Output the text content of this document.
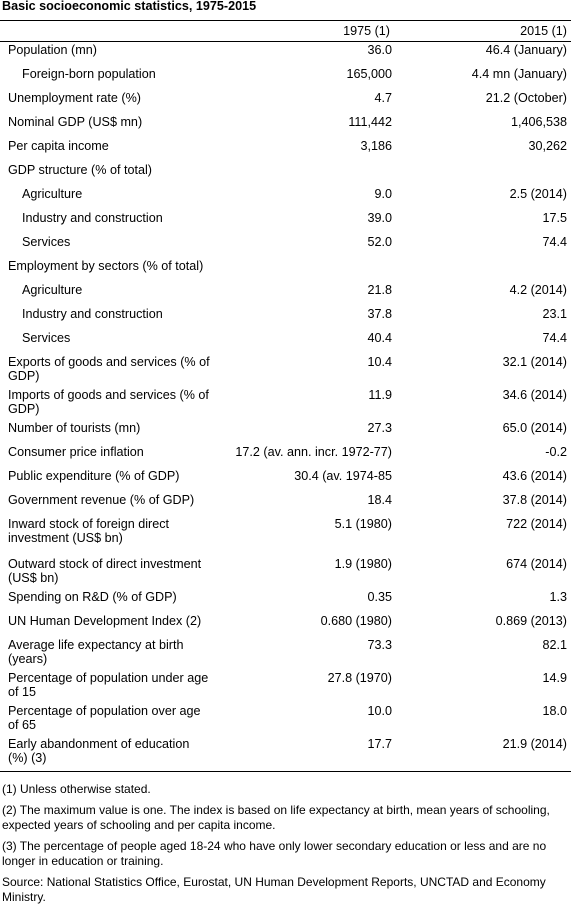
Basic socioeconomic statistics, 1975-2015
1975 (1)	2015 (1)
Population (mn)	36.0	46.4 (January)
Foreign-born population	165,000	4.4 mn (January)
Unemployment rate (%)	4.7	21.2 (October)
Nominal GDP (US$ mn)	111,442	1,406,538
Per capita income	3,186	30,262
GDP structure (% of total)		
Agriculture	9.0	2.5 (2014)
Industry and construction	39.0	17.5
Services	52.0	74.4
Employment by sectors (% of total)		
Agriculture	21.8	4.2 (2014)
Industry and construction	37.8	23.1
Services	40.4	74.4
Exports of goods and services (% of GDP)	10.4	32.1 (2014)
Imports of goods and services (% of GDP)	11.9	34.6 (2014)
Number of tourists (mn)	27.3	65.0 (2014)
Consumer price inflation	17.2 (av. ann. incr. 1972-77)	-0.2
Public expenditure (% of GDP)	30.4 (av. 1974-85	43.6 (2014)
Government revenue (% of GDP)	18.4	37.8 (2014)
Inward stock of foreign direct investment (US$ bn)	5.1 (1980)	722 (2014)
Outward stock of direct investment (US$ bn)	1.9 (1980)	674 (2014)
Spending on R&D (% of GDP)	0.35	1.3
UN Human Development Index (2)	0.680 (1980)	0.869 (2013)
Average life expectancy at birth (years)	73.3	82.1
Percentage of population under age of 15	27.8 (1970)	14.9
Percentage of population over age of 65	10.0	18.0
Early abandonment of education (%) (3)	17.7	21.9 (2014)

(1) Unless otherwise stated.

(2) The maximum value is one. The index is based on life expectancy at birth, mean years of schooling, expected years of schooling and per capita income.

(3) The percentage of people aged 18-24 who have only lower secondary education or less and are no longer in education or training.

Source: National Statistics Office, Eurostat, UN Human Development Reports, UNCTAD and Economy Ministry.
